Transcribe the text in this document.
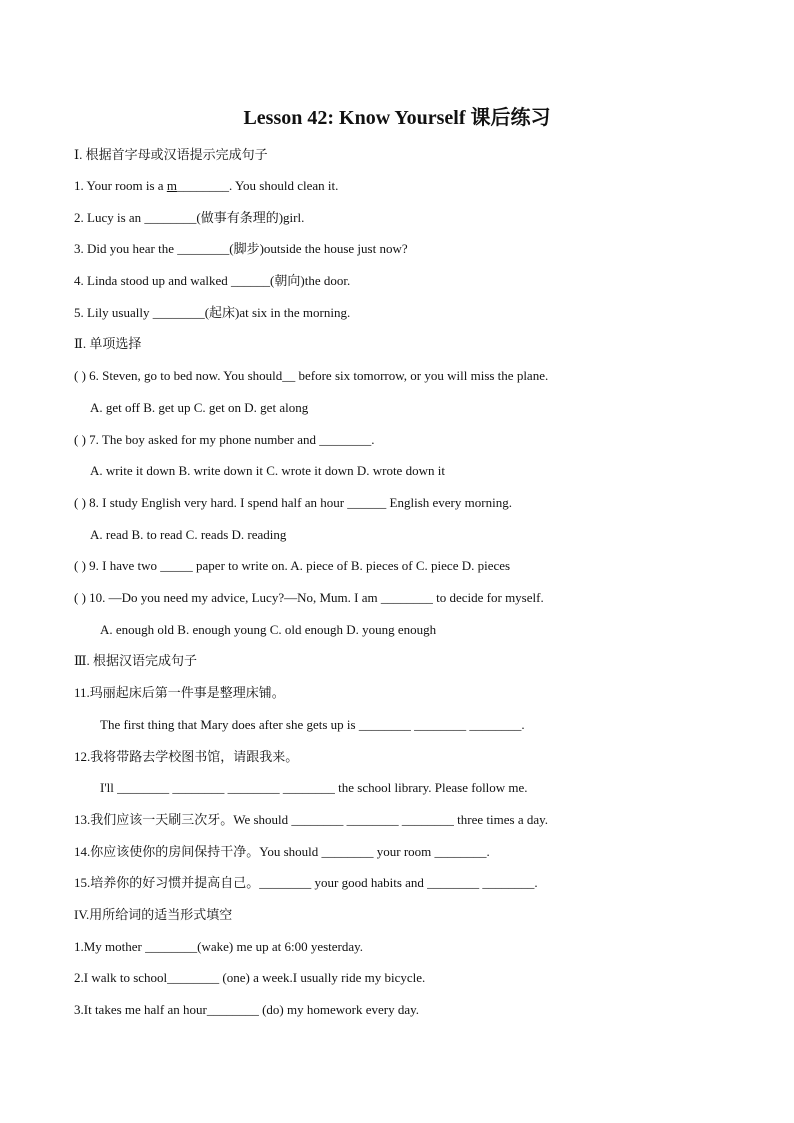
Lesson 42: Know Yourself 课后练习
Ⅰ. 根据首字母或汉语提示完成句子
1. Your room is a m________. You should clean it.
2. Lucy is an ________(做事有条理的)girl.
3. Did you hear the ________(脚步)outside the house just now?
4. Linda stood up and walked ______(朝向)the door.
5. Lily usually ________(起床)at six in the morning.
Ⅱ. 单项选择
( ) 6. Steven, go to bed now. You should__ before six tomorrow, or you will miss the plane.
A. get off B. get up C. get on D. get along
( ) 7. The boy asked for my phone number and ________.
A. write it down B. write down it C. wrote it down D. wrote down it
( ) 8. I study English very hard. I spend half an hour ______ English every morning.
A. read B. to read C. reads D. reading
( ) 9. I have two _____ paper to write on. A. piece of B. pieces of C. piece D. pieces
( ) 10. —Do you need my advice, Lucy?—No, Mum. I am ________ to decide for myself.
A. enough old B. enough young C. old enough D. young enough
Ⅲ. 根据汉语完成句子
11.玛丽起床后第一件事是整理床铺。
The first thing that Mary does after she gets up is ________ ________ ________.
12.我将带路去学校图书馆，请跟我来。
I'll ________ ________ ________ ________ the school library. Please follow me.
13.我们应该一天刷三次牙。We should ________ ________ ________ three times a day.
14.你应该使你的房间保持干净。You should ________ your room ________.
15.培养你的好习惯并提高自己。________ your good habits and ________ ________.
IV.用所给词的适当形式填空
1.My mother ________(wake) me up at 6:00 yesterday.
2.I walk to school________ (one) a week.I usually ride my bicycle.
3.It takes me half an hour________ (do) my homework every day.
